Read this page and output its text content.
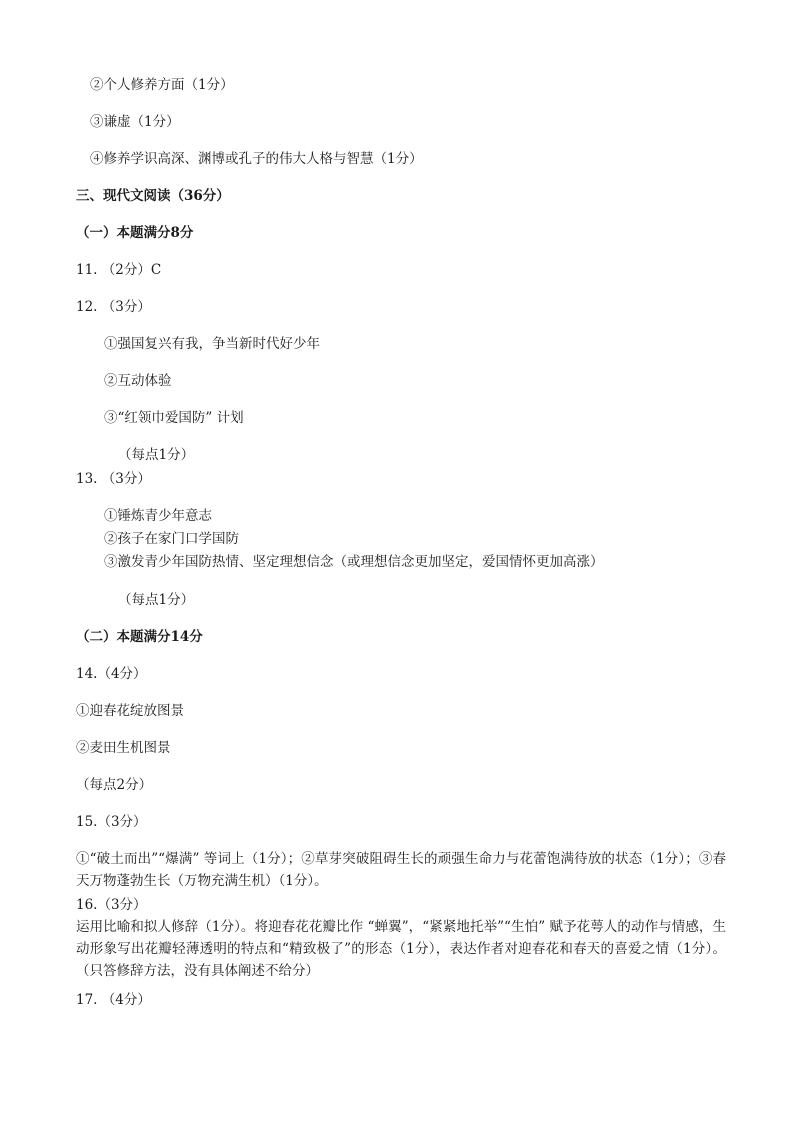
②个人修养方面（1分）
③谦虚（1分）
④修养学识高深、渊博或孔子的伟大人格与智慧（1分）
三、现代文阅读（36分）
（一）本题满分8分
11. （2分）C
12. （3分）
①强国复兴有我，争当新时代好少年
②互动体验
③“红领巾爱国防” 计划
（每点1分）
13. （3分）
①锤炼青少年意志
②孩子在家门口学国防
③激发青少年国防热情、坚定理想信念（或理想信念更加坚定，爱国情怀更加高涨）
（每点1分）
（二）本题满分14分
14.（4分）
①迎春花绽放图景
②麦田生机图景
（每点2分）
15.（3分）
①“破土而出”“爆满” 等词上（1分）；②草芽突破阻碍生长的顽强生命力与花蕾饱满待放的状态（1分）；③春天万物蓬勃生长（万物充满生机）（1分）。
16.（3分）
运用比喻和拟人修辞（1分）。将迎春花花瓣比作 “蝉翼”，“紧紧地托举”“生怕” 赋予花萼人的动作与情感，生动形象写出花瓣轻薄透明的特点和“精致极了”的形态（1分），表达作者对迎春花和春天的喜爱之情（1分）。（只答修辞方法，没有具体阐述不给分）
17. （4分）
